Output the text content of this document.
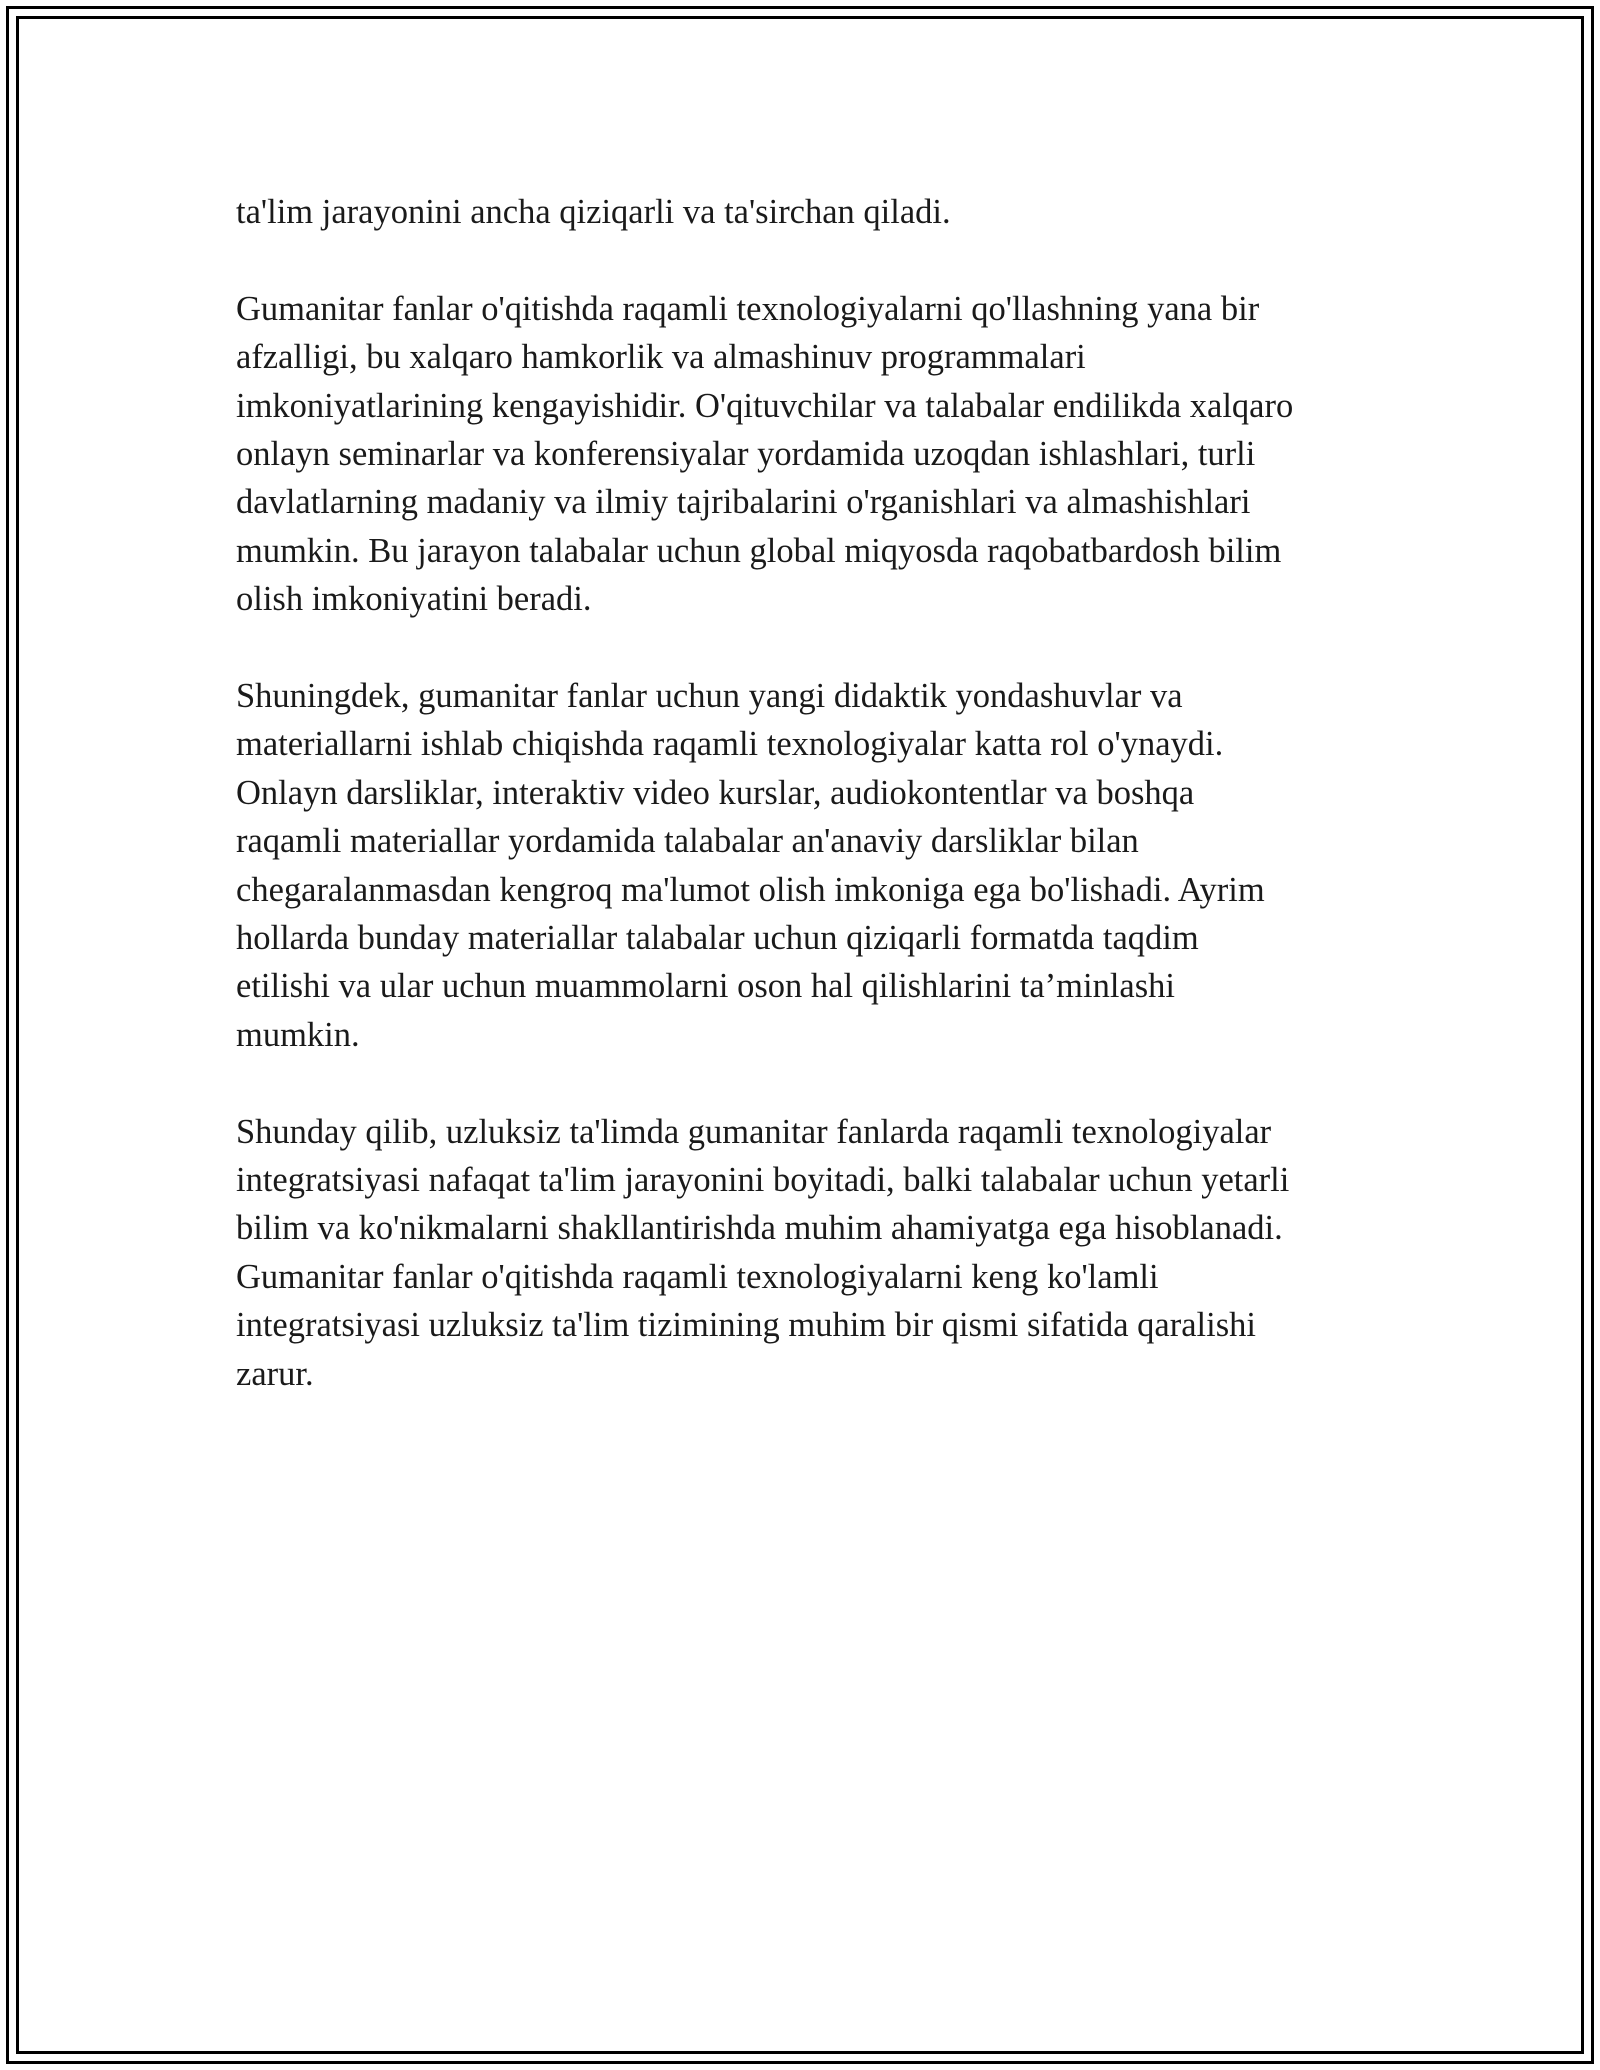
ta'lim jarayonini ancha qiziqarli va ta'sirchan qiladi.

Gumanitar fanlar o'qitishda raqamli texnologiyalarni qo'llashning yana bir
afzalligi, bu xalqaro hamkorlik va almashinuv programmalari
imkoniyatlarining kengayishidir. O'qituvchilar va talabalar endilikda xalqaro
onlayn seminarlar va konferensiyalar yordamida uzoqdan ishlashlari, turli
davlatlarning madaniy va ilmiy tajribalarini o'rganishlari va almashishlari
mumkin. Bu jarayon talabalar uchun global miqyosda raqobatbardosh bilim
olish imkoniyatini beradi.

Shuningdek, gumanitar fanlar uchun yangi didaktik yondashuvlar va
materiallarni ishlab chiqishda raqamli texnologiyalar katta rol o'ynaydi.
Onlayn darsliklar, interaktiv video kurslar, audiokontentlar va boshqa
raqamli materiallar yordamida talabalar an'anaviy darsliklar bilan
chegaralanmasdan kengroq ma'lumot olish imkoniga ega bo'lishadi. Ayrim
hollarda bunday materiallar talabalar uchun qiziqarli formatda taqdim
etilishi va ular uchun muammolarni oson hal qilishlarini ta’minlashi
mumkin.

Shunday qilib, uzluksiz ta'limda gumanitar fanlarda raqamli texnologiyalar
integratsiyasi nafaqat ta'lim jarayonini boyitadi, balki talabalar uchun yetarli
bilim va ko'nikmalarni shakllantirishda muhim ahamiyatga ega hisoblanadi.
Gumanitar fanlar o'qitishda raqamli texnologiyalarni keng ko'lamli
integratsiyasi uzluksiz ta'lim tizimining muhim bir qismi sifatida qaralishi
zarur.
